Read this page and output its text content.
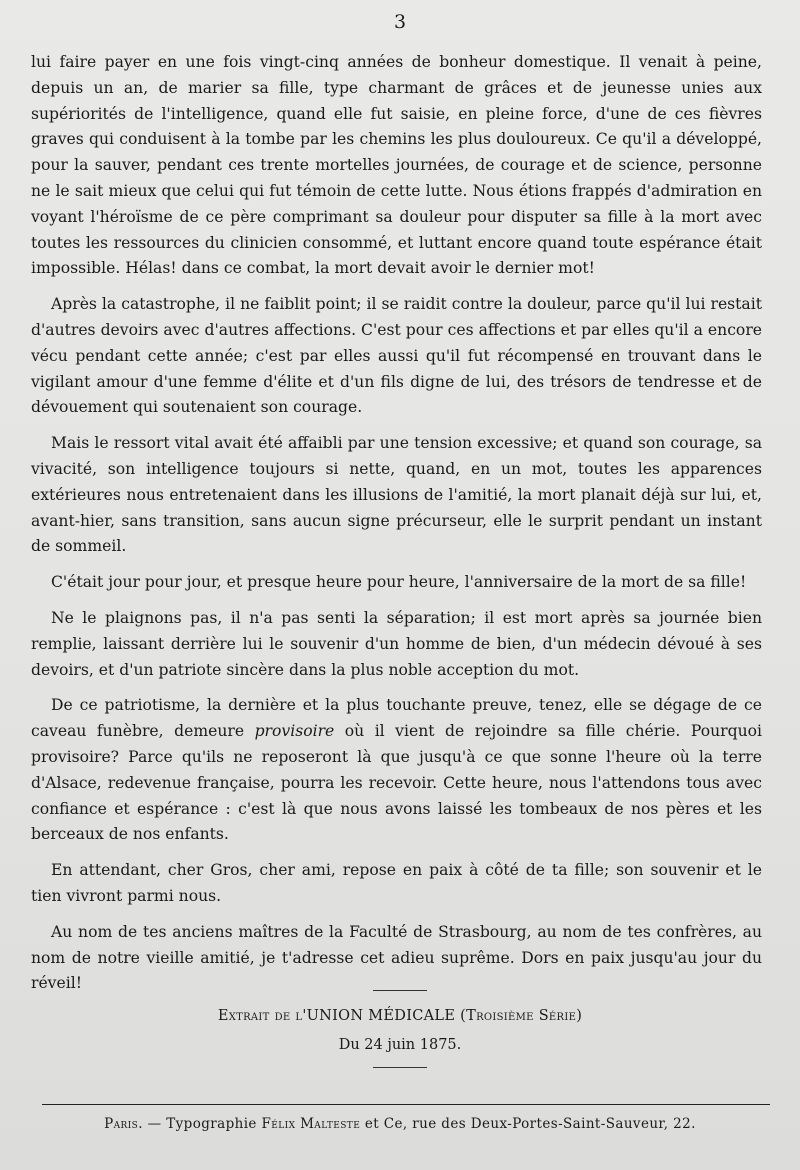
3

lui faire payer en une fois vingt-cinq années de bonheur domestique. Il venait à peine, depuis un an, de marier sa fille, type charmant de grâces et de jeunesse unies aux supériorités de l'intelligence, quand elle fut saisie, en pleine force, d'une de ces fièvres graves qui conduisent à la tombe par les chemins les plus douloureux. Ce qu'il a développé, pour la sauver, pendant ces trente mortelles journées, de courage et de science, personne ne le sait mieux que celui qui fut témoin de cette lutte. Nous étions frappés d'admiration en voyant l'héroïsme de ce père comprimant sa douleur pour disputer sa fille à la mort avec toutes les ressources du clinicien consommé, et luttant encore quand toute espérance était impossible. Hélas! dans ce combat, la mort devait avoir le dernier mot!

Après la catastrophe, il ne faiblit point; il se raidit contre la douleur, parce qu'il lui restait d'autres devoirs avec d'autres affections. C'est pour ces affections et par elles qu'il a encore vécu pendant cette année; c'est par elles aussi qu'il fut récompensé en trouvant dans le vigilant amour d'une femme d'élite et d'un fils digne de lui, des trésors de tendresse et de dévouement qui soutenaient son courage.

Mais le ressort vital avait été affaibli par une tension excessive; et quand son courage, sa vivacité, son intelligence toujours si nette, quand, en un mot, toutes les apparences extérieures nous entretenaient dans les illusions de l'amitié, la mort planait déjà sur lui, et, avant-hier, sans transition, sans aucun signe précurseur, elle le surprit pendant un instant de sommeil.

C'était jour pour jour, et presque heure pour heure, l'anniversaire de la mort de sa fille!

Ne le plaignons pas, il n'a pas senti la séparation; il est mort après sa journée bien remplie, laissant derrière lui le souvenir d'un homme de bien, d'un médecin dévoué à ses devoirs, et d'un patriote sincère dans la plus noble acception du mot.

De ce patriotisme, la dernière et la plus touchante preuve, tenez, elle se dégage de ce caveau funèbre, demeure provisoire où il vient de rejoindre sa fille chérie. Pourquoi provisoire? Parce qu'ils ne reposeront là que jusqu'à ce que sonne l'heure où la terre d'Alsace, redevenue française, pourra les recevoir. Cette heure, nous l'attendons tous avec confiance et espérance : c'est là que nous avons laissé les tombeaux de nos pères et les berceaux de nos enfants.

En attendant, cher Gros, cher ami, repose en paix à côté de ta fille; son souvenir et le tien vivront parmi nous.

Au nom de tes anciens maîtres de la Faculté de Strasbourg, au nom de tes confrères, au nom de notre vieille amitié, je t'adresse cet adieu suprême. Dors en paix jusqu'au jour du réveil!

Extrait de l'UNION MÉDICALE (Troisième Série)
Du 24 juin 1875.
Paris. — Typographie Félix Malteste et Ce, rue des Deux-Portes-Saint-Sauveur, 22.
